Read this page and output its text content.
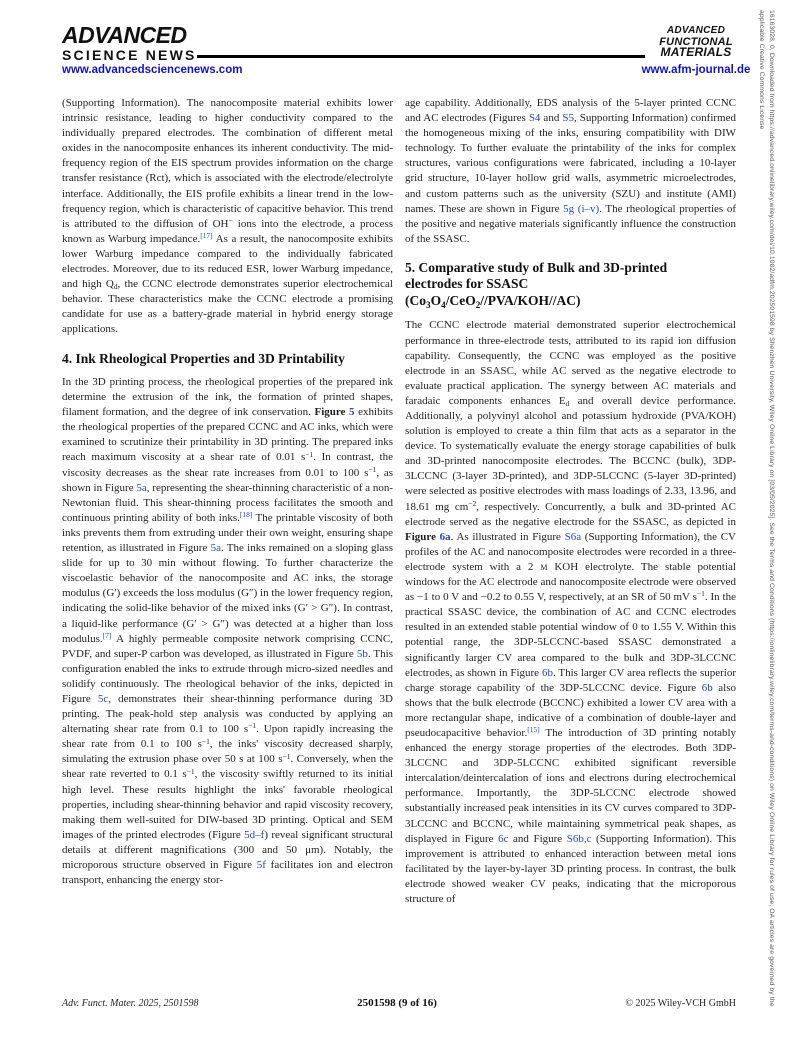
ADVANCED
SCIENCE NEWS
www.advancedsciencenews.com
ADVANCED
FUNCTIONAL
MATERIALS
www.afm-journal.de

(Supporting Information). The nanocomposite material exhibits lower intrinsic resistance, leading to higher conductivity compared to the individually prepared electrodes. The combination of different metal oxides in the nanocomposite enhances its inherent conductivity. The mid-frequency region of the EIS spectrum provides information on the charge transfer resistance (Rct), which is associated with the electrode/electrolyte interface. Additionally, the EIS profile exhibits a linear trend in the low-frequency region, which is characteristic of capacitive behavior. This trend is attributed to the diffusion of OH− ions into the electrode, a process known as Warburg impedance.[17] As a result, the nanocomposite exhibits lower Warburg impedance compared to the individually fabricated electrodes. Moreover, due to its reduced ESR, lower Warburg impedance, and high Qd, the CCNC electrode demonstrates superior electrochemical behavior. These characteristics make the CCNC electrode a promising candidate for use as a battery-grade material in hybrid energy storage applications.

4. Ink Rheological Properties and 3D Printability

In the 3D printing process, the rheological properties of the prepared ink determine the extrusion of the ink, the formation of printed shapes, filament formation, and the degree of ink conservation. Figure 5 exhibits the rheological properties of the prepared CCNC and AC inks, which were examined to scrutinize their printability in 3D printing. The prepared inks reach maximum viscosity at a shear rate of 0.01 $s^{-1}$. In contrast, the viscosity decreases as the shear rate increases from 0.01 to 100 $s^{-1}$, as shown in Figure 5a, representing the shear-thinning characteristic of a non-Newtonian fluid. This shear-thinning process facilitates the smooth and continuous printing ability of both inks.[18] The printable viscosity of both inks prevents them from extruding under their own weight, ensuring shape retention, as illustrated in Figure 5a. The inks remained on a sloping glass slide for up to 30 min without flowing. To further characterize the viscoelastic behavior of the nanocomposite and AC inks, the storage modulus (G′) exceeds the loss modulus (G″) in the lower frequency region, indicating the solid-like behavior of the mixed inks (G′ > G″). In contrast, a liquid-like performance (G′ > G″) was detected at a higher than loss modulus.[7] A highly permeable composite network comprising CCNC, PVDF, and super-P carbon was developed, as illustrated in Figure 5b. This configuration enabled the inks to extrude through micro-sized needles and solidify continuously. The rheological behavior of the inks, depicted in Figure 5c, demonstrates their shear-thinning performance during 3D printing. The peak-hold step analysis was conducted by applying an alternating shear rate from 0.1 to 100 $s^{-1}$. Upon rapidly increasing the shear rate from 0.1 to 100 $s^{-1}$, the inks' viscosity decreased sharply, simulating the extrusion phase over 50 s at 100 $s^{-1}$. Conversely, when the shear rate reverted to 0.1 $s^{-1}$, the viscosity swiftly returned to its initial high level. These results highlight the inks' favorable rheological properties, including shear-thinning behavior and rapid viscosity recovery, making them well-suited for DIW-based 3D printing. Optical and SEM images of the printed electrodes (Figure 5d–f) reveal significant structural details at different magnifications (300 and 50 μm). Notably, the microporous structure observed in Figure 5f facilitates ion and electron transport, enhancing the energy stor-

age capability. Additionally, EDS analysis of the 5-layer printed CCNC and AC electrodes (Figures S4 and S5, Supporting Information) confirmed the homogeneous mixing of the inks, ensuring compatibility with DIW technology. To further evaluate the printability of the inks for complex structures, various configurations were fabricated, including a 10-layer grid structure, 10-layer hollow grid walls, asymmetric microelectrodes, and custom patterns such as the university (SZU) and institute (AMI) names. These are shown in Figure 5g (i–v). The rheological properties of the positive and negative materials significantly influence the construction of the SSASC.

5. Comparative study of Bulk and 3D-printed
electrodes for SSASC
(Co3O4/CeO2//PVA/KOH//AC)

The CCNC electrode material demonstrated superior electrochemical performance in three-electrode tests, attributed to its rapid ion diffusion capability. Consequently, the CCNC was employed as the positive electrode in an SSASC, while AC served as the negative electrode to evaluate practical application. The synergy between AC materials and faradaic components enhances Ed and overall device performance. Additionally, a polyvinyl alcohol and potassium hydroxide (PVA/KOH) solution is employed to create a thin film that acts as a separator in the device. To systematically evaluate the energy storage capabilities of bulk and 3D-printed nanocomposite electrodes. The BCCNC (bulk), 3DP-3LCCNC (3-layer 3D-printed), and 3DP-5LCCNC (5-layer 3D-printed) were selected as positive electrodes with mass loadings of 2.33, 13.96, and 18.61 mg $cm^{-2}$, respectively. Concurrently, a bulk and 3D-printed AC electrode served as the negative electrode for the SSASC, as depicted in Figure 6a. As illustrated in Figure S6a (Supporting Information), the CV profiles of the AC and nanocomposite electrodes were recorded in a three-electrode system with a 2 m KOH electrolyte. The stable potential windows for the AC electrode and nanocomposite electrode were observed as −1 to 0 V and −0.2 to 0.55 V, respectively, at an SR of 50 mV $s^{-1}$. In the practical SSASC device, the combination of AC and CCNC electrodes resulted in an extended stable potential window of 0 to 1.55 V. Within this potential range, the 3DP-5LCCNC-based SSASC demonstrated a significantly larger CV area compared to the bulk and 3DP-3LCCNC electrodes, as shown in Figure 6b. This larger CV area reflects the superior charge storage capability of the 3DP-5LCCNC device. Figure 6b also shows that the bulk electrode (BCCNC) exhibited a lower CV area with a more rectangular shape, indicative of a combination of double-layer and pseudocapacitive behavior.[15] The introduction of 3D printing notably enhanced the energy storage properties of the electrodes. Both 3DP-3LCCNC and 3DP-5LCCNC exhibited significant reversible intercalation/deintercalation of ions and electrons during electrochemical performance. Importantly, the 3DP-5LCCNC electrode showed substantially increased peak intensities in its CV curves compared to 3DP-3LCCNC and BCCNC, while maintaining symmetrical peak shapes, as displayed in Figure 6c and Figure S6b,c (Supporting Information). This improvement is attributed to enhanced interaction between metal ions facilitated by the layer-by-layer 3D printing process. In contrast, the bulk electrode showed weaker CV peaks, indicating that the microporous structure of

Adv. Funct. Mater. 2025, 2501598	2501598 (9 of 16)	© 2025 Wiley-VCH GmbH	16163028, 0, Downloaded from https://advanced.onlinelibrary.wiley.com/doi/10.1002/adfm.202501598 by Shenzhen University, Wiley Online Library on [03/05/2025]. See the Terms and Conditions (https://onlinelibrary.wiley.com/terms-and-conditions) on Wiley Online Library for rules of use; OA articles are governed by the applicable Creative Commons License
